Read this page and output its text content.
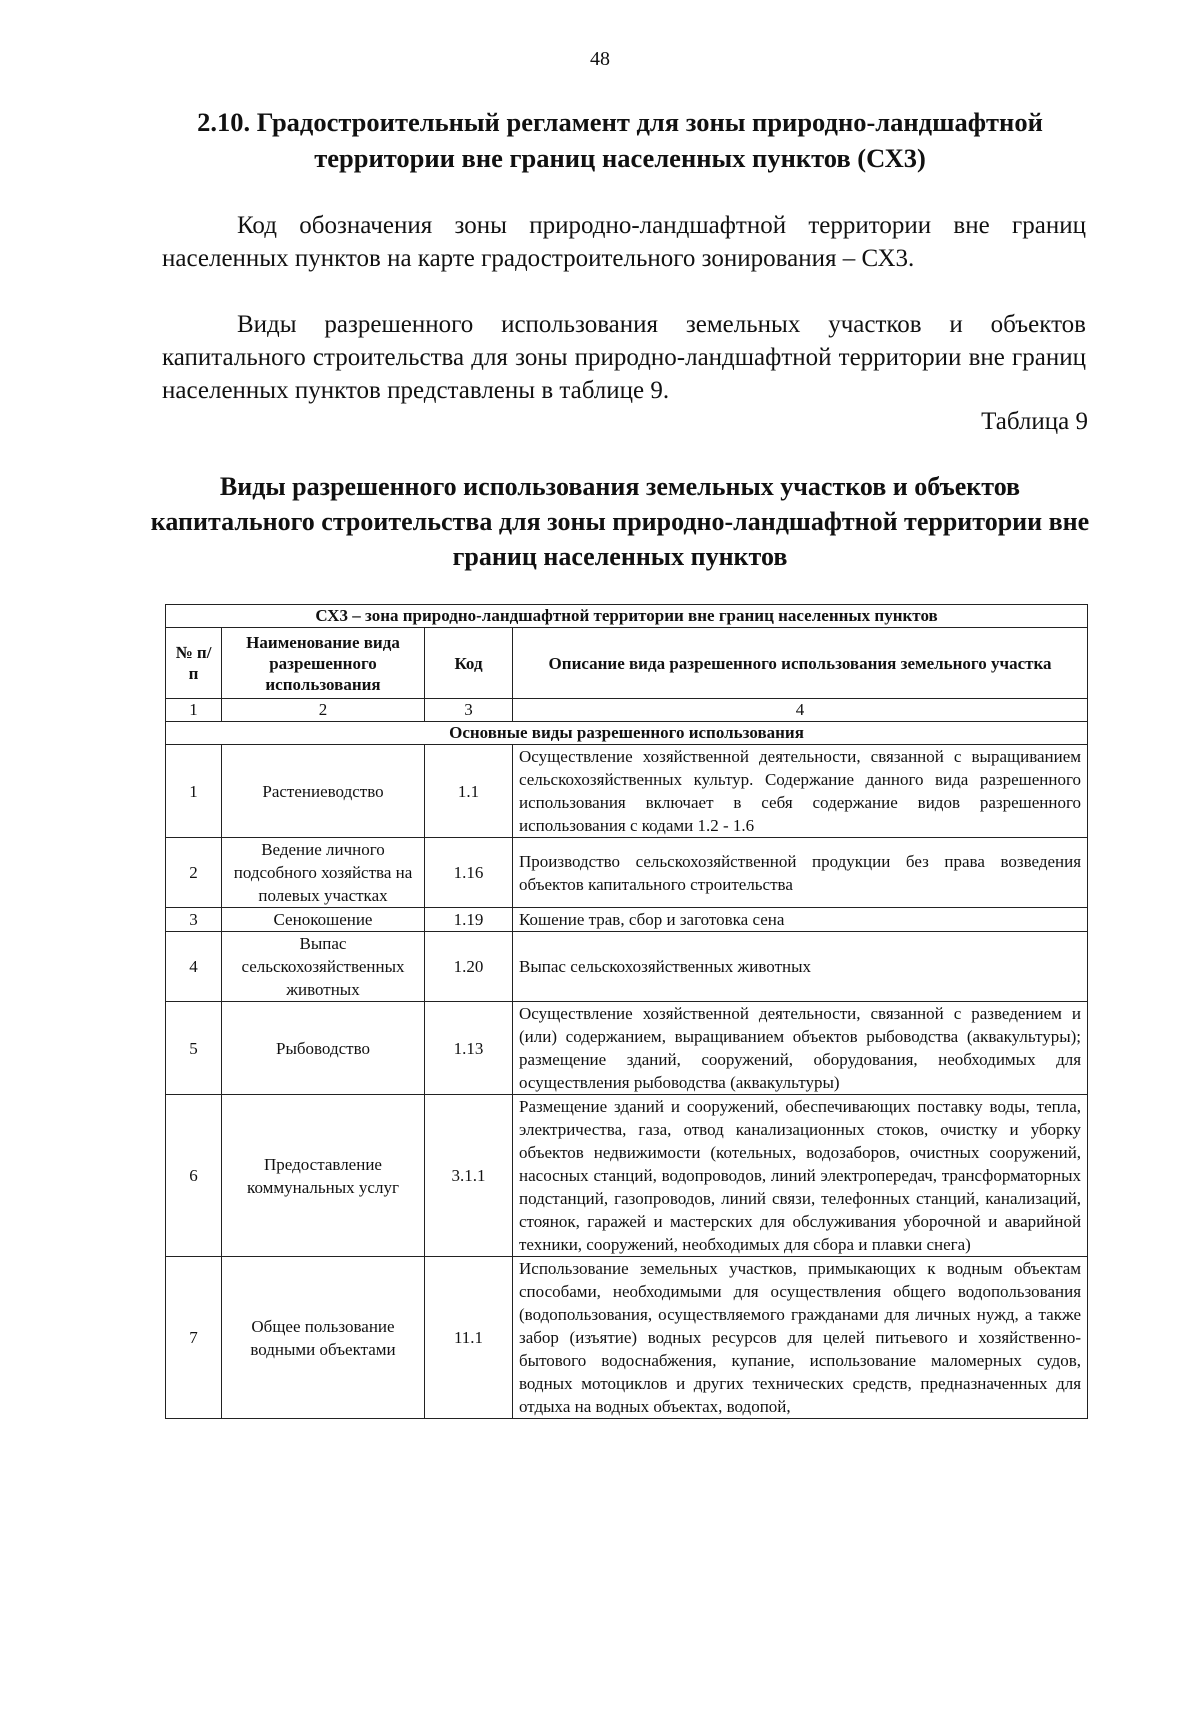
48
2.10. Градостроительный регламент для зоны природно-ландшафтной территории вне границ населенных пунктов (СХ3)

Код обозначения зоны природно-ландшафтной территории вне границ населенных пунктов на карте градостроительного зонирования – СХ3.

Виды разрешенного использования земельных участков и объектов капитального строительства для зоны природно-ландшафтной территории вне границ населенных пунктов представлены в таблице 9.

Таблица 9
Виды разрешенного использования земельных участков и объектов капитального строительства для зоны природно-ландшафтной территории вне границ населенных пунктов
СХ3 – зона природно-ландшафтной территории вне границ населенных пунктов			
№ п/п	Наименование вида разрешенного использования	Код	Описание вида разрешенного использования земельного участка
1	2	3	4
Основные виды разрешенного использования			
1	Растениеводство	1.1	Осуществление хозяйственной деятельности, связанной с выращиванием сельскохозяйственных культур. Содержание данного вида разрешенного использования включает в себя содержание видов разрешенного использования с кодами 1.2 - 1.6
2	Ведение личного подсобного хозяйства на полевых участках	1.16	Производство сельскохозяйственной продукции без права возведения объектов капитального строительства
3	Сенокошение	1.19	Кошение трав, сбор и заготовка сена
4	Выпас сельскохозяйственных животных	1.20	Выпас сельскохозяйственных животных
5	Рыбоводство	1.13	Осуществление хозяйственной деятельности, связанной с разведением и (или) содержанием, выращиванием объектов рыбоводства (аквакультуры); размещение зданий, сооружений, оборудования, необходимых для осуществления рыбоводства (аквакультуры)
6	Предоставление коммунальных услуг	3.1.1	Размещение зданий и сооружений, обеспечивающих поставку воды, тепла, электричества, газа, отвод канализационных стоков, очистку и уборку объектов недвижимости (котельных, водозаборов, очистных сооружений, насосных станций, водопроводов, линий электропередач, трансформаторных подстанций, газопроводов, линий связи, телефонных станций, канализаций, стоянок, гаражей и мастерских для обслуживания уборочной и аварийной техники, сооружений, необходимых для сбора и плавки снега)
7	Общее пользование водными объектами	11.1	Использование земельных участков, примыкающих к водным объектам способами, необходимыми для осуществления общего водопользования (водопользования, осуществляемого гражданами для личных нужд, а также забор (изъятие) водных ресурсов для целей питьевого и хозяйственно-бытового водоснабжения, купание, использование маломерных судов, водных мотоциклов и других технических средств, предназначенных для отдыха на водных объектах, водопой,
